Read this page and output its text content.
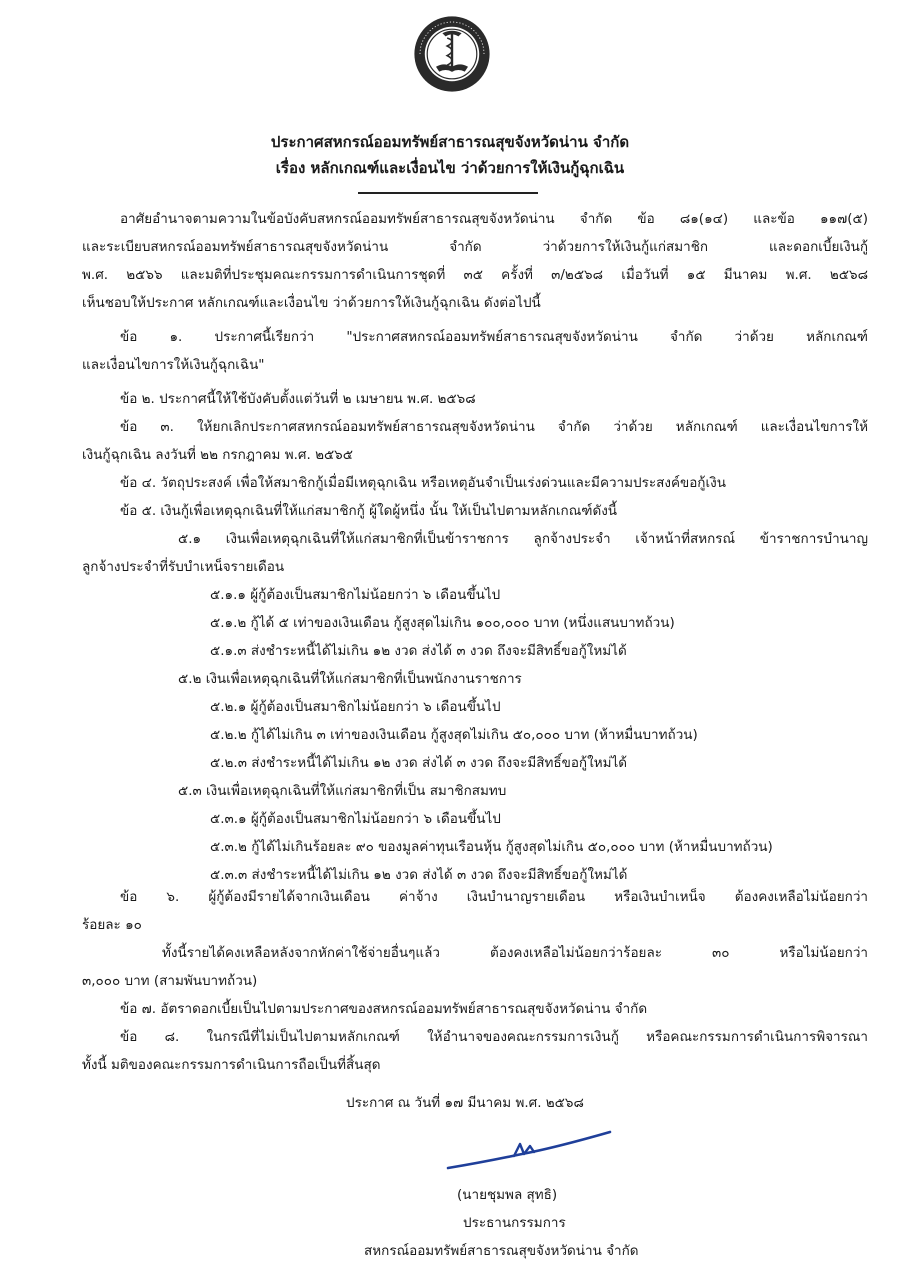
ประกาศสหกรณ์ออมทรัพย์สาธารณสุขจังหวัดน่าน จำกัด
เรื่อง หลักเกณฑ์และเงื่อนไข ว่าด้วยการให้เงินกู้ฉุกเฉิน
อาศัยอำนาจตามความในข้อบังคับสหกรณ์ออมทรัพย์สาธารณสุขจังหวัดน่าน จำกัด ข้อ ๘๑(๑๔) และข้อ ๑๑๗(๕)
และระเบียบสหกรณ์ออมทรัพย์สาธารณสุขจังหวัดน่าน จำกัด ว่าด้วยการให้เงินกู้แก่สมาชิก และดอกเบี้ยเงินกู้
พ.ศ. ๒๕๖๖ และมติที่ประชุมคณะกรรมการดำเนินการชุดที่ ๓๕ ครั้งที่ ๓/๒๕๖๘ เมื่อวันที่ ๑๕ มีนาคม พ.ศ. ๒๕๖๘
เห็นชอบให้ประกาศ หลักเกณฑ์และเงื่อนไข ว่าด้วยการให้เงินกู้ฉุกเฉิน ดังต่อไปนี้
ข้อ ๑. ประกาศนี้เรียกว่า "ประกาศสหกรณ์ออมทรัพย์สาธารณสุขจังหวัดน่าน จำกัด ว่าด้วย หลักเกณฑ์
และเงื่อนไขการให้เงินกู้ฉุกเฉิน"
ข้อ ๒. ประกาศนี้ให้ใช้บังคับตั้งแต่วันที่ ๒ เมษายน พ.ศ. ๒๕๖๘
ข้อ ๓. ให้ยกเลิกประกาศสหกรณ์ออมทรัพย์สาธารณสุขจังหวัดน่าน จำกัด ว่าด้วย หลักเกณฑ์ และเงื่อนไขการให้
เงินกู้ฉุกเฉิน ลงวันที่ ๒๒ กรกฎาคม พ.ศ. ๒๕๖๕
ข้อ ๔. วัตถุประสงค์ เพื่อให้สมาชิกกู้เมื่อมีเหตุฉุกเฉิน หรือเหตุอันจำเป็นเร่งด่วนและมีความประสงค์ขอกู้เงิน
ข้อ ๕. เงินกู้เพื่อเหตุฉุกเฉินที่ให้แก่สมาชิกกู้ ผู้ใดผู้หนึ่ง นั้น ให้เป็นไปตามหลักเกณฑ์ดังนี้
๕.๑ เงินเพื่อเหตุฉุกเฉินที่ให้แก่สมาชิกที่เป็นข้าราชการ ลูกจ้างประจำ เจ้าหน้าที่สหกรณ์ ข้าราชการบำนาญ
ลูกจ้างประจำที่รับบำเหน็จรายเดือน
๕.๑.๑ ผู้กู้ต้องเป็นสมาชิกไม่น้อยกว่า ๖ เดือนขึ้นไป
๕.๑.๒ กู้ได้ ๕ เท่าของเงินเดือน กู้สูงสุดไม่เกิน ๑๐๐,๐๐๐ บาท (หนึ่งแสนบาทถ้วน)
๕.๑.๓ ส่งชำระหนี้ได้ไม่เกิน ๑๒ งวด ส่งได้ ๓ งวด ถึงจะมีสิทธิ์ขอกู้ใหม่ได้
๕.๒ เงินเพื่อเหตุฉุกเฉินที่ให้แก่สมาชิกที่เป็นพนักงานราชการ
๕.๒.๑ ผู้กู้ต้องเป็นสมาชิกไม่น้อยกว่า ๖ เดือนขึ้นไป
๕.๒.๒ กู้ได้ไม่เกิน ๓ เท่าของเงินเดือน กู้สูงสุดไม่เกิน ๕๐,๐๐๐ บาท (ห้าหมื่นบาทถ้วน)
๕.๒.๓ ส่งชำระหนี้ได้ไม่เกิน ๑๒ งวด ส่งได้ ๓ งวด ถึงจะมีสิทธิ์ขอกู้ใหม่ได้
๕.๓ เงินเพื่อเหตุฉุกเฉินที่ให้แก่สมาชิกที่เป็น สมาชิกสมทบ
๕.๓.๑ ผู้กู้ต้องเป็นสมาชิกไม่น้อยกว่า ๖ เดือนขึ้นไป
๕.๓.๒ กู้ได้ไม่เกินร้อยละ ๙๐ ของมูลค่าทุนเรือนหุ้น กู้สูงสุดไม่เกิน ๕๐,๐๐๐ บาท (ห้าหมื่นบาทถ้วน)
๕.๓.๓ ส่งชำระหนี้ได้ไม่เกิน ๑๒ งวด ส่งได้ ๓ งวด ถึงจะมีสิทธิ์ขอกู้ใหม่ได้
ข้อ ๖. ผู้กู้ต้องมีรายได้จากเงินเดือน ค่าจ้าง เงินบำนาญรายเดือน หรือเงินบำเหน็จ ต้องคงเหลือไม่น้อยกว่า
ร้อยละ ๑๐
ทั้งนี้รายได้คงเหลือหลังจากหักค่าใช้จ่ายอื่นๆแล้ว ต้องคงเหลือไม่น้อยกว่าร้อยละ ๓๐ หรือไม่น้อยกว่า
๓,๐๐๐ บาท (สามพันบาทถ้วน)
ข้อ ๗. อัตราดอกเบี้ยเป็นไปตามประกาศของสหกรณ์ออมทรัพย์สาธารณสุขจังหวัดน่าน จำกัด
ข้อ ๘. ในกรณีที่ไม่เป็นไปตามหลักเกณฑ์ ให้อำนาจของคณะกรรมการเงินกู้ หรือคณะกรรมการดำเนินการพิจารณา
ทั้งนี้ มติของคณะกรรมการดำเนินการถือเป็นที่สิ้นสุด
ประกาศ ณ วันที่ ๑๗ มีนาคม พ.ศ. ๒๕๖๘
(นายชุมพล สุทธิ)
ประธานกรรมการ
สหกรณ์ออมทรัพย์สาธารณสุขจังหวัดน่าน จำกัด
